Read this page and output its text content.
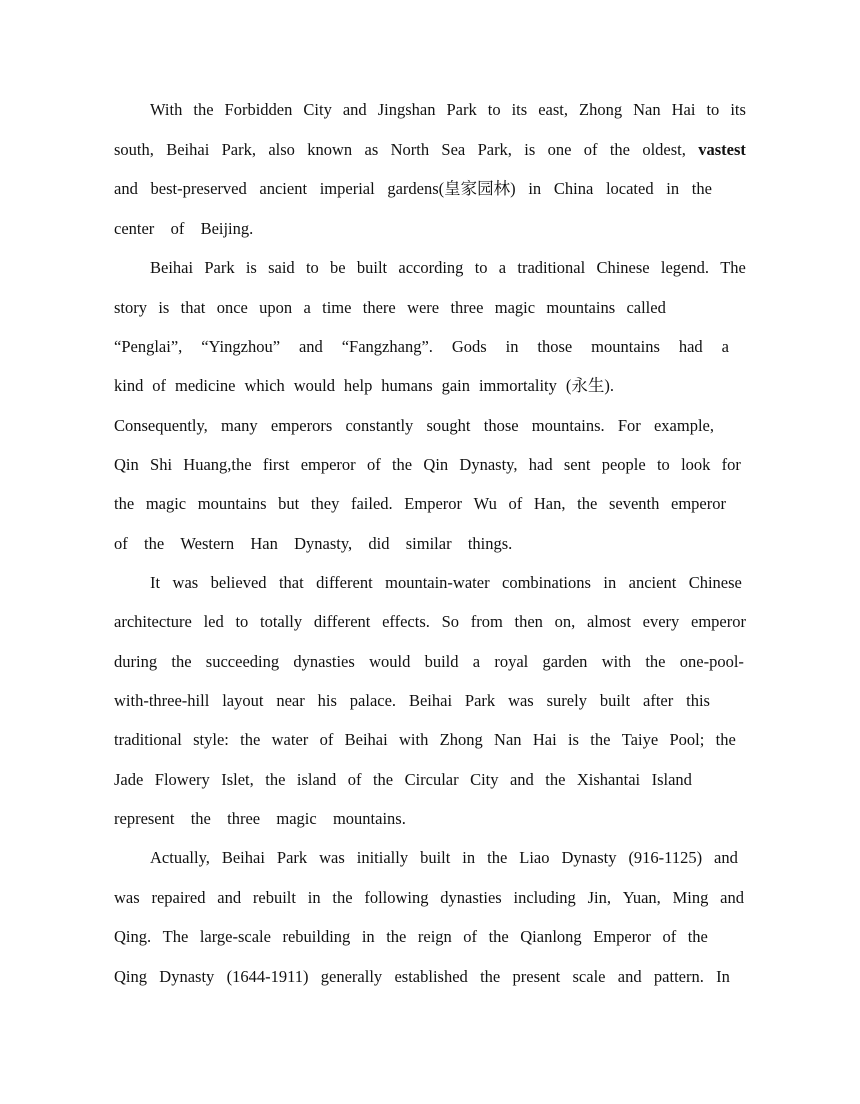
With the Forbidden City and Jingshan Park to its east, Zhong Nan Hai to its
south, Beihai Park, also known as North Sea Park, is one of the oldest, vastest
and best-preserved ancient imperial gardens(皇家园林) in China located in the
center
of
Beijing.
Beihai Park is said to be built according to a traditional Chinese legend. The
story is that once upon a time there were three magic mountains called
“Penglai”, “Yingzhou” and “Fangzhang”. Gods in those mountains had a
kind of medicine which would help humans gain immortality (永生).
Consequently, many emperors constantly sought those mountains. For example,
Qin Shi Huang,the first emperor of the Qin Dynasty, had sent people to look for
the magic mountains but they failed. Emperor Wu of Han, the seventh emperor
of
the
Western
Han
Dynasty,
did
similar
things.
It was believed that different mountain-water combinations in ancient Chinese
architecture led to totally different effects. So from then on, almost every emperor
during the succeeding dynasties would build a royal garden with the one-pool-
with-three-hill layout near his palace. Beihai Park was surely built after this
traditional style: the water of Beihai with Zhong Nan Hai is the Taiye Pool; the
Jade Flowery Islet, the island of the Circular City and the Xishantai Island
represent
the
three
magic
mountains.
Actually, Beihai Park was initially built in the Liao Dynasty (916-1125) and
was repaired and rebuilt in the following dynasties including Jin, Yuan, Ming and
Qing. The large-scale rebuilding in the reign of the Qianlong Emperor of the
Qing Dynasty (1644-1911) generally established the present scale and pattern. In
